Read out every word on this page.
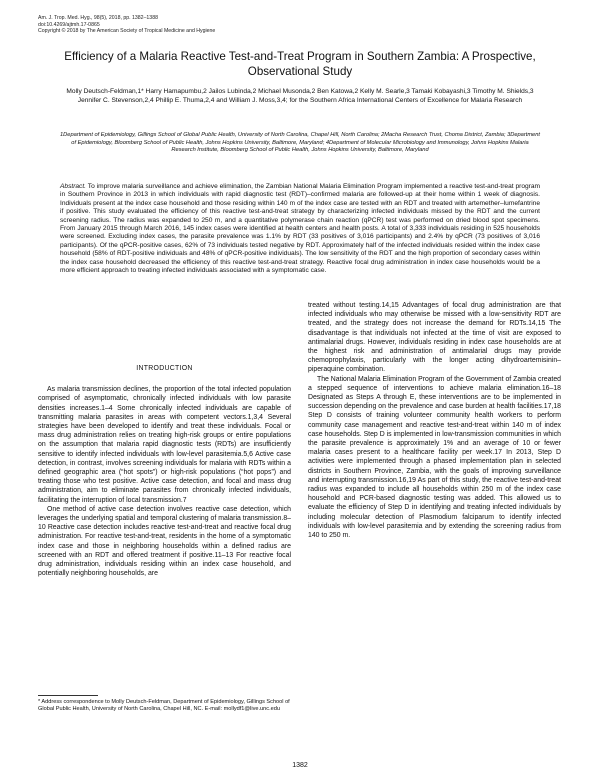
Am. J. Trop. Med. Hyg., 98(5), 2018, pp. 1382–1388
doi:10.4269/ajtmh.17-0865
Copyright © 2018 by The American Society of Tropical Medicine and Hygiene
Efficiency of a Malaria Reactive Test-and-Treat Program in Southern Zambia: A Prospective, Observational Study
Molly Deutsch-Feldman,1* Harry Hamapumbu,2 Jailos Lubinda,2 Michael Musonda,2 Ben Katowa,2 Kelly M. Searle,3 Tamaki Kobayashi,3 Timothy M. Shields,3 Jennifer C. Stevenson,2,4 Phillip E. Thuma,2,4 and William J. Moss,3,4; for the Southern Africa International Centers of Excellence for Malaria Research
1Department of Epidemiology, Gillings School of Global Public Health, University of North Carolina, Chapel Hill, North Carolina; 2Macha Research Trust, Choma District, Zambia; 3Department of Epidemiology, Bloomberg School of Public Health, Johns Hopkins University, Baltimore, Maryland; 4Department of Molecular Microbiology and Immunology, Johns Hopkins Malaria Research Institute, Bloomberg School of Public Health, Johns Hopkins University, Baltimore, Maryland
Abstract. To improve malaria surveillance and achieve elimination, the Zambian National Malaria Elimination Program implemented a reactive test-and-treat program in Southern Province in 2013 in which individuals with rapid diagnostic test (RDT)–confirmed malaria are followed-up at their home within 1 week of diagnosis. Individuals present at the index case household and those residing within 140 m of the index case are tested with an RDT and treated with artemether–lumefantrine if positive. This study evaluated the efficiency of this reactive test-and-treat strategy by characterizing infected individuals missed by the RDT and the current screening radius. The radius was expanded to 250 m, and a quantitative polymerase chain reaction (qPCR) test was performed on dried blood spot specimens. From January 2015 through March 2016, 145 index cases were identified at health centers and health posts. A total of 3,333 individuals residing in 525 households were screened. Excluding index cases, the parasite prevalence was 1.1% by RDT (33 positives of 3,016 participants) and 2.4% by qPCR (73 positives of 3,016 participants). Of the qPCR-positive cases, 62% of 73 individuals tested negative by RDT. Approximately half of the infected individuals resided within the index case household (58% of RDT-positive individuals and 48% of qPCR-positive individuals). The low sensitivity of the RDT and the high proportion of secondary cases within the index case household decreased the efficiency of this reactive test-and-treat strategy. Reactive focal drug administration in index case households would be a more efficient approach to treating infected individuals associated with a symptomatic case.
INTRODUCTION

As malaria transmission declines, the proportion of the total infected population comprised of asymptomatic, chronically infected individuals with low parasite densities increases.1–4 Some chronically infected individuals are capable of transmitting malaria parasites in areas with competent vectors.1,3,4 Several strategies have been developed to identify and treat these individuals. Focal or mass drug administration relies on treating high-risk groups or entire populations on the assumption that malaria rapid diagnostic tests (RDTs) are insufficiently sensitive to identify infected individuals with low-level parasitemia.5,6 Active case detection, in contrast, involves screening individuals for malaria with RDTs within a defined geographic area (“hot spots”) or high-risk populations (“hot pops”) and treating those who test positive. Active case detection, and focal and mass drug administration, aim to eliminate parasites from chronically infected individuals, facilitating the interruption of local transmission.7

One method of active case detection involves reactive case detection, which leverages the underlying spatial and temporal clustering of malaria transmission.8–10 Reactive case detection includes reactive test-and-treat and reactive focal drug administration. For reactive test-and-treat, residents in the home of a symptomatic index case and those in neighboring households within a defined radius are screened with an RDT and offered treatment if positive.11–13 For reactive focal drug administration, individuals residing within an index case household, and potentially neighboring households, are

treated without testing.14,15 Advantages of focal drug administration are that infected individuals who may otherwise be missed with a low-sensitivity RDT are treated, and the strategy does not increase the demand for RDTs.14,15 The disadvantage is that individuals not infected at the time of visit are exposed to antimalarial drugs. However, individuals residing in index case households are at the highest risk and administration of antimalarial drugs may provide chemoprophylaxis, particularly with the longer acting dihydroartemisinin–piperaquine combination.

The National Malaria Elimination Program of the Government of Zambia created a stepped sequence of interventions to achieve malaria elimination.16–18 Designated as Steps A through E, these interventions are to be implemented in succession depending on the prevalence and case burden at health facilities.17,18 Step D consists of training volunteer community health workers to perform community case management and reactive test-and-treat within 140 m of index case households. Step D is implemented in low-transmission communities in which the parasite prevalence is approximately 1% and an average of 10 or fewer malaria cases present to a healthcare facility per week.17 In 2013, Step D activities were implemented through a phased implementation plan in selected districts in Southern Province, Zambia, with the goals of improving surveillance and interrupting transmission.16,19 As part of this study, the reactive test-and-treat radius was expanded to include all households within 250 m of the index case household and PCR-based diagnostic testing was added. This allowed us to evaluate the efficiency of Step D in identifying and treating infected individuals by including molecular detection of Plasmodium falciparum to identify infected individuals with low-level parasitemia and by extending the screening radius from 140 to 250 m.

* Address correspondence to Molly Deutsch-Feldman, Department of Epidemiology, Gillings School of Global Public Health, University of North Carolina, Chapel Hill, NC. E-mail: mollydf1@live.unc.edu
1382
